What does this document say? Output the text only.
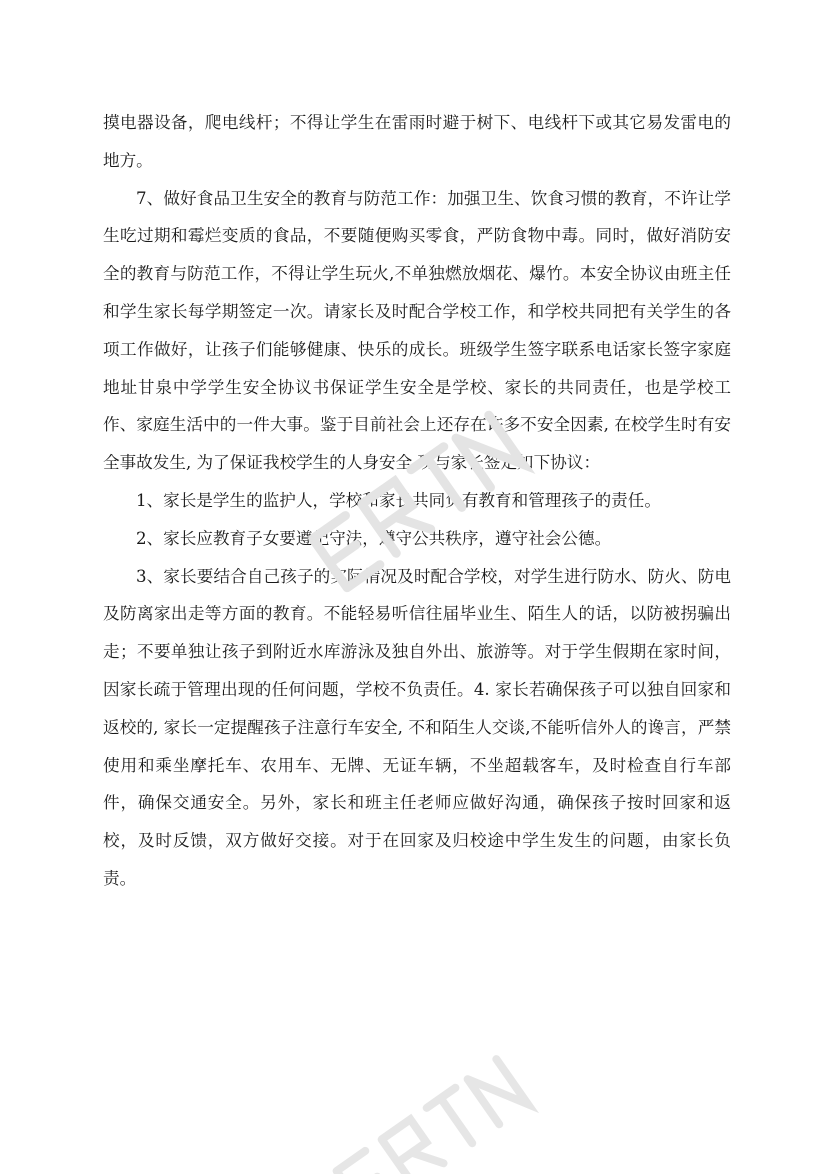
摸电器设备，爬电线杆；不得让学生在雷雨时避于树下、电线杆下或其它易发雷电的地方。

7、做好食品卫生安全的教育与防范工作：加强卫生、饮食习惯的教育，不许让学生吃过期和霉烂变质的食品，不要随便购买零食，严防食物中毒。同时，做好消防安全的教育与防范工作，不得让学生玩火,不单独燃放烟花、爆竹。本安全协议由班主任和学生家长每学期签定一次。请家长及时配合学校工作，和学校共同把有关学生的各项工作做好，让孩子们能够健康、快乐的成长。班级学生签字联系电话家长签字家庭地址甘泉中学学生安全协议书保证学生安全是学校、家长的共同责任，也是学校工作、家庭生活中的一件大事。鉴于目前社会上还存在许多不安全因素, 在校学生时有安全事故发生, 为了保证我校学生的人身安全,现与家长签定如下协议：

1、家长是学生的监护人，学校和家长共同负有教育和管理孩子的责任。

2、家长应教育子女要遵纪守法，遵守公共秩序，遵守社会公德。

3、家长要结合自己孩子的实际情况及时配合学校，对学生进行防水、防火、防电及防离家出走等方面的教育。不能轻易听信往届毕业生、陌生人的话，以防被拐骗出走；不要单独让孩子到附近水库游泳及独自外出、旅游等。对于学生假期在家时间，因家长疏于管理出现的任何问题，学校不负责任。4. 家长若确保孩子可以独自回家和返校的, 家长一定提醒孩子注意行车安全, 不和陌生人交谈,不能听信外人的谗言，严禁使用和乘坐摩托车、农用车、无牌、无证车辆，不坐超载客车，及时检查自行车部件，确保交通安全。另外，家长和班主任老师应做好沟通，确保孩子按时回家和返校，及时反馈，双方做好交接。对于在回家及归校途中学生发生的问题，由家长负责。
